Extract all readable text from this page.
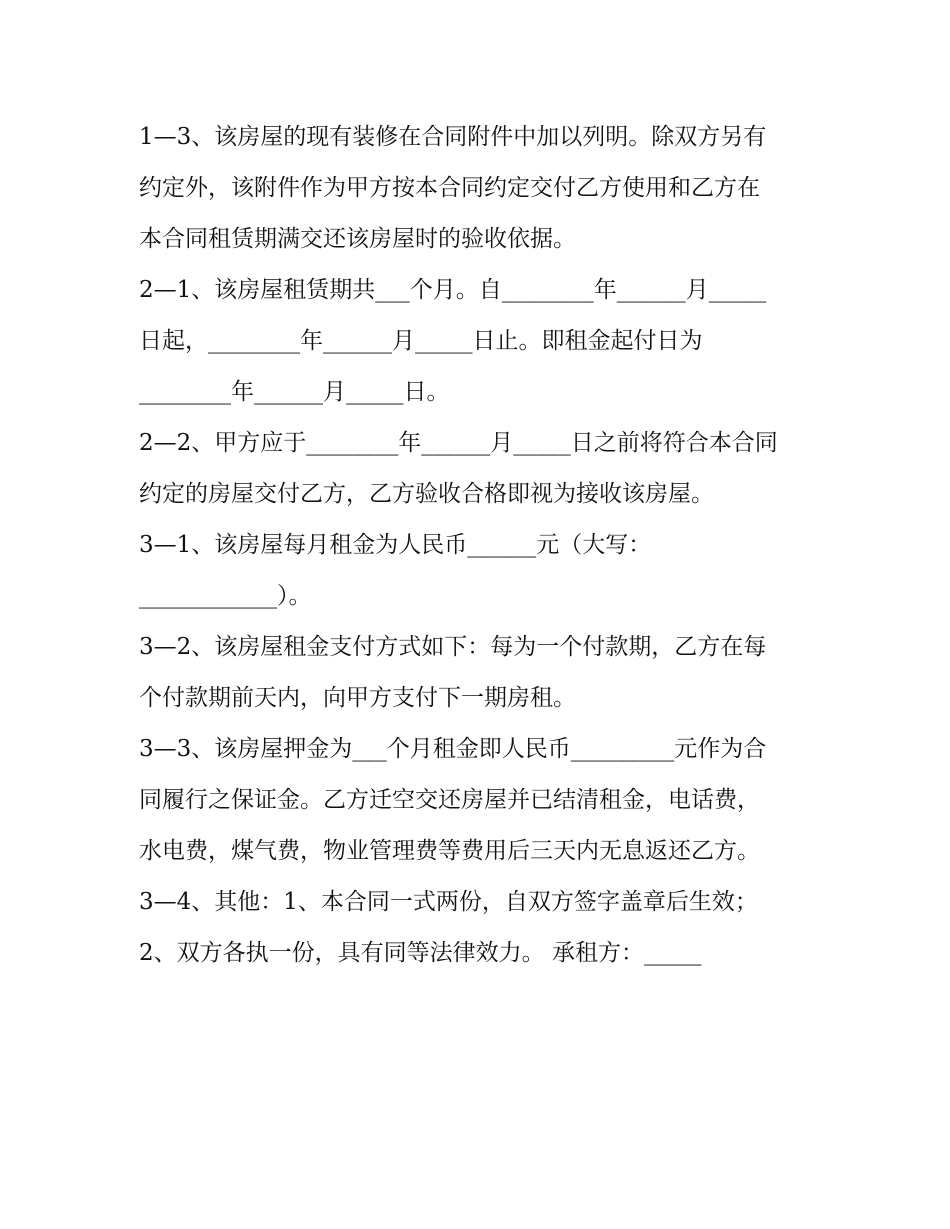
1—3、该房屋的现有装修在合同附件中加以列明。除双方另有
约定外，该附件作为甲方按本合同约定交付乙方使用和乙方在
本合同租赁期满交还该房屋时的验收依据。
2—1、该房屋租赁期共___个月。自________年______月_____
日起，________年______月_____日止。即租金起付日为
________年______月_____日。
2—2、甲方应于________年______月_____日之前将符合本合同
约定的房屋交付乙方，乙方验收合格即视为接收该房屋。
3—1、该房屋每月租金为人民币______元（大写：
____________）。
3—2、该房屋租金支付方式如下：每为一个付款期，乙方在每
个付款期前天内，向甲方支付下一期房租。
3—3、该房屋押金为___个月租金即人民币_________元作为合
同履行之保证金。乙方迁空交还房屋并已结清租金，电话费，
水电费，煤气费，物业管理费等费用后三天内无息返还乙方。
3—4、其他：1、本合同一式两份，自双方签字盖章后生效；
2、双方各执一份，具有同等法律效力。 承租方：_____
